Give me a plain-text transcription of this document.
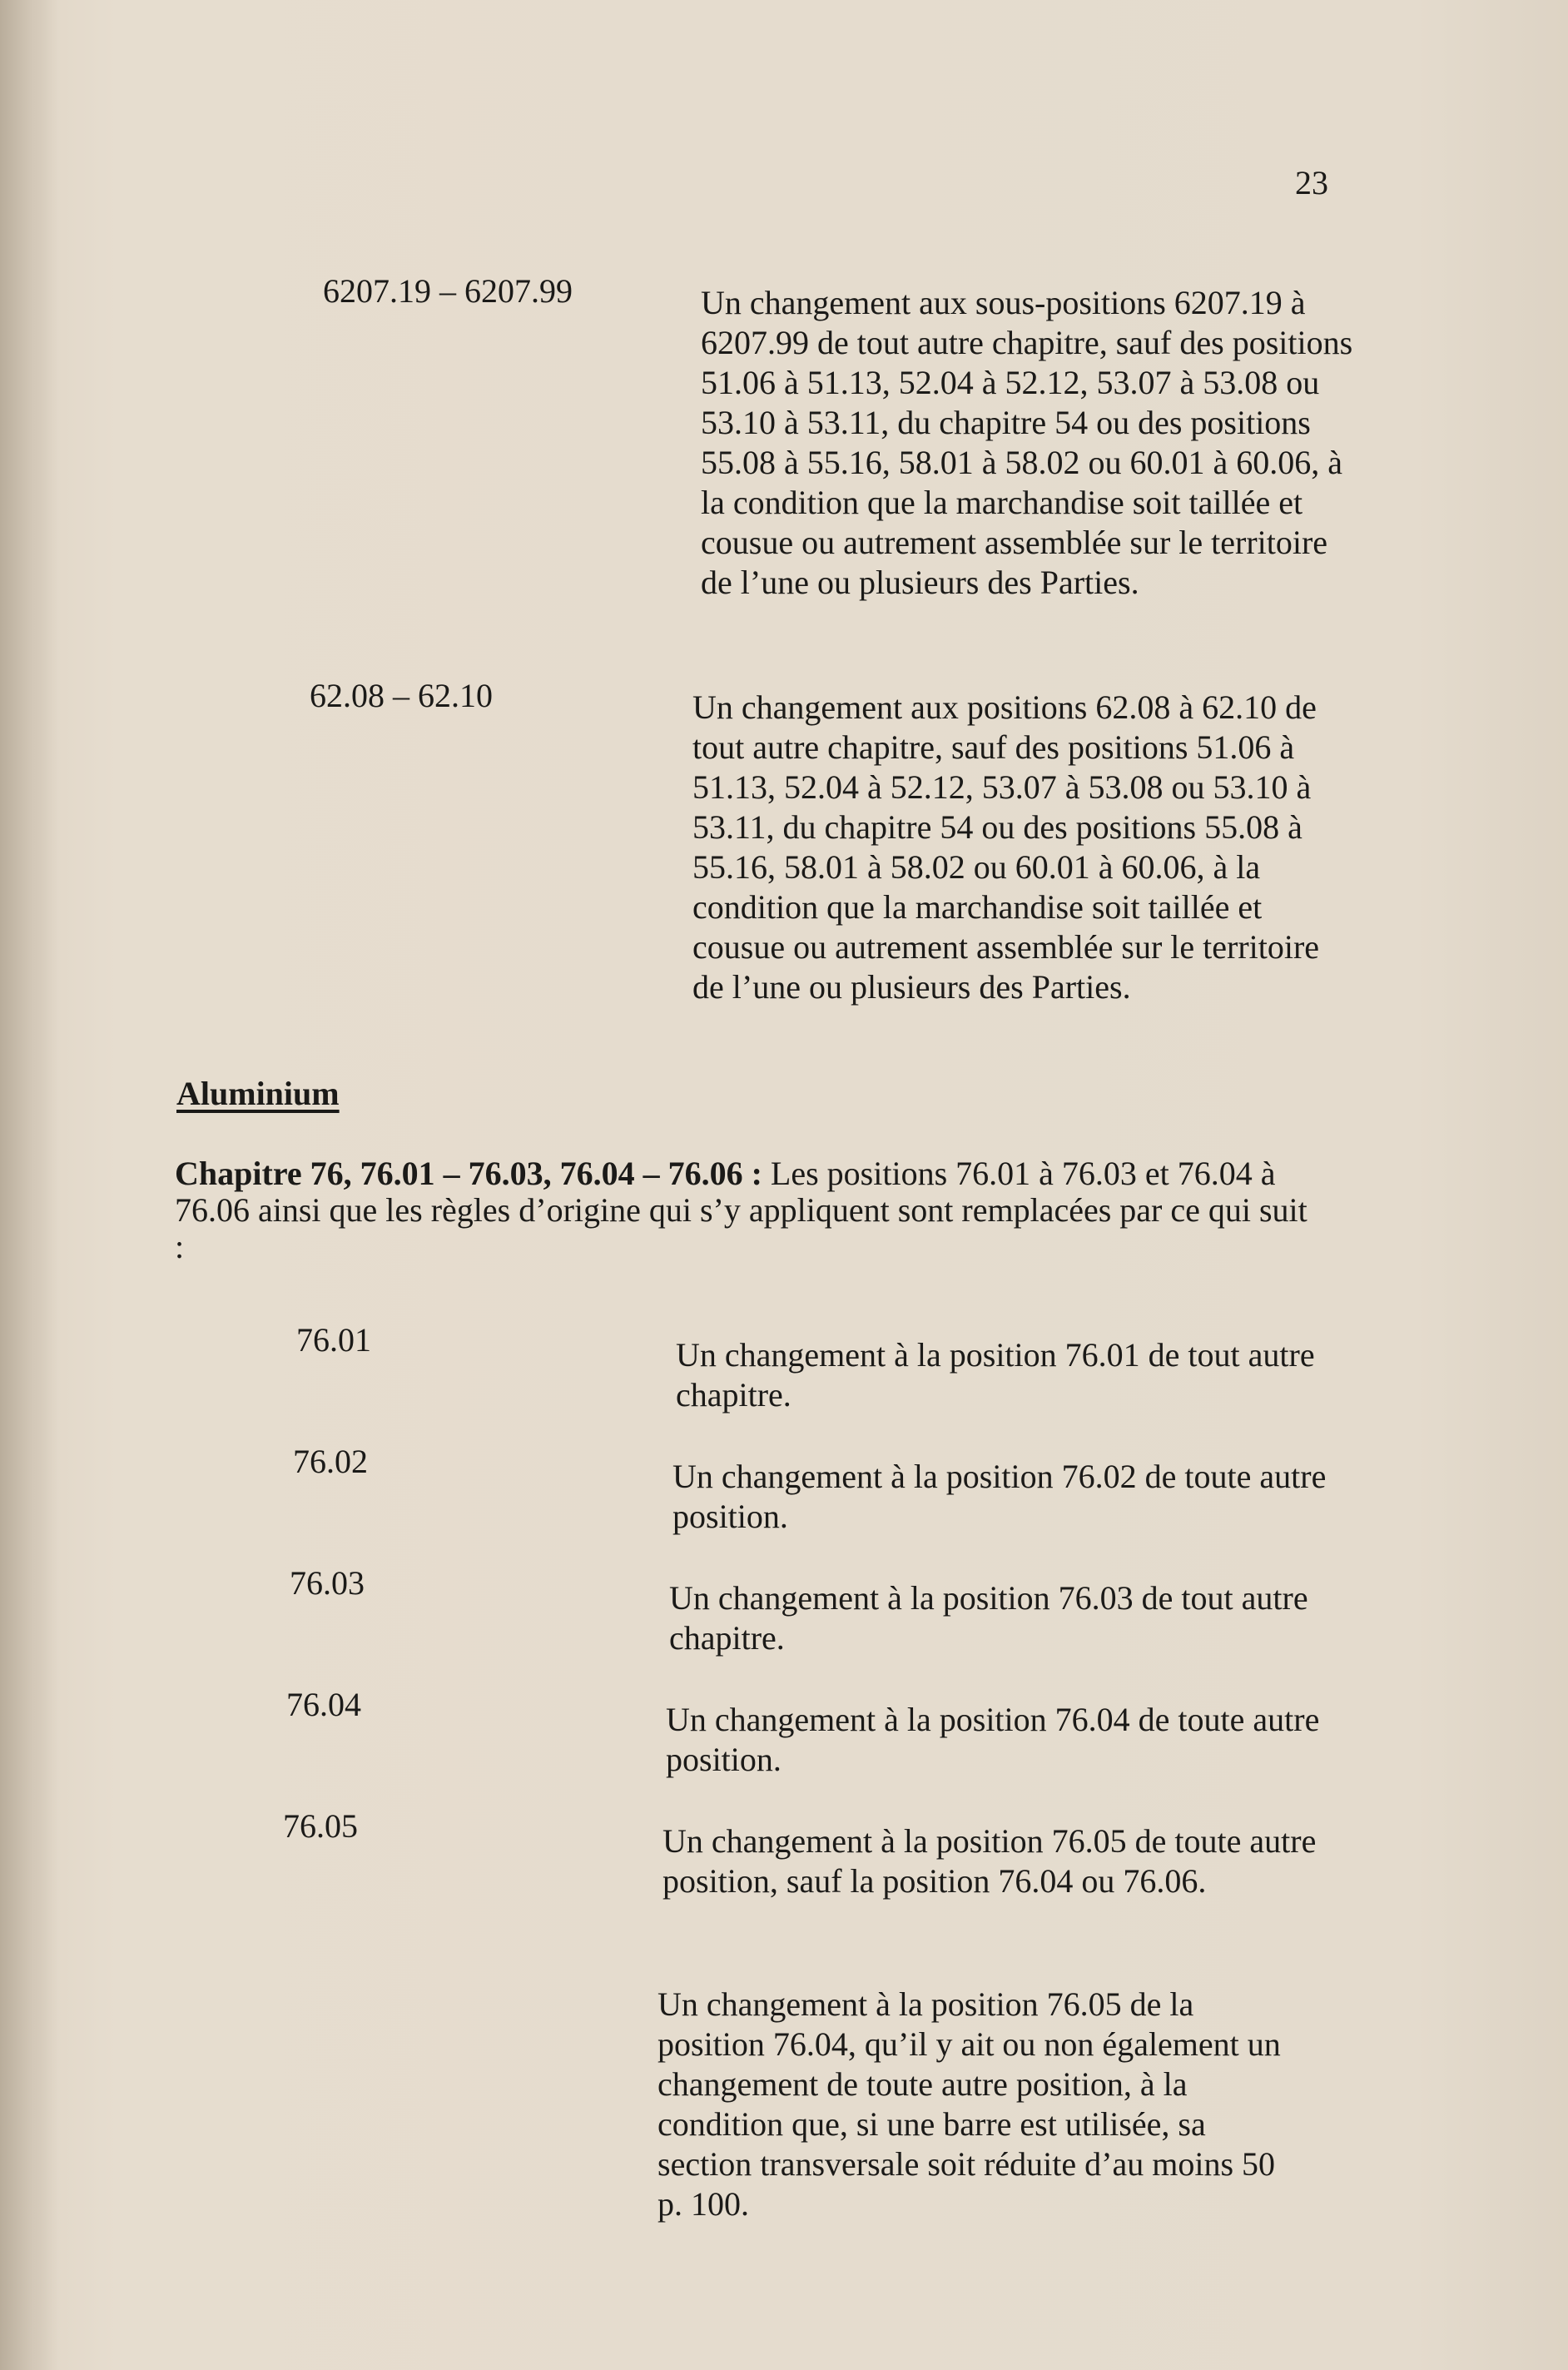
23
6207.19 – 6207.99	Un changement aux sous-positions 6207.19 à 6207.99 de tout autre chapitre, sauf des positions 51.06 à 51.13, 52.04 à 52.12, 53.07 à 53.08 ou 53.10 à 53.11, du chapitre 54 ou des positions 55.08 à 55.16, 58.01 à 58.02 ou 60.01 à 60.06, à la condition que la marchandise soit taillée et cousue ou autrement assemblée sur le territoire de l’une ou plusieurs des Parties.
62.08 – 62.10	Un changement aux positions 62.08 à 62.10 de tout autre chapitre, sauf des positions 51.06 à 51.13, 52.04 à 52.12, 53.07 à 53.08 ou 53.10 à 53.11, du chapitre 54 ou des positions 55.08 à 55.16, 58.01 à 58.02 ou 60.01 à 60.06, à la condition que la marchandise soit taillée et cousue ou autrement assemblée sur le territoire de l’une ou plusieurs des Parties.
Aluminium
Chapitre 76, 76.01 – 76.03, 76.04 – 76.06 : Les positions 76.01 à 76.03 et 76.04 à 76.06 ainsi que les règles d’origine qui s’y appliquent sont remplacées par ce qui suit :
76.01	Un changement à la position 76.01 de tout autre chapitre.
76.02	Un changement à la position 76.02 de toute autre position.
76.03	Un changement à la position 76.03 de tout autre chapitre.
76.04	Un changement à la position 76.04 de toute autre position.
76.05	Un changement à la position 76.05 de toute autre position, sauf la position 76.04 ou 76.06.
Un changement à la position 76.05 de la position 76.04, qu’il y ait ou non également un changement de toute autre position, à la condition que, si une barre est utilisée, sa section transversale soit réduite d’au moins 50 p. 100.
